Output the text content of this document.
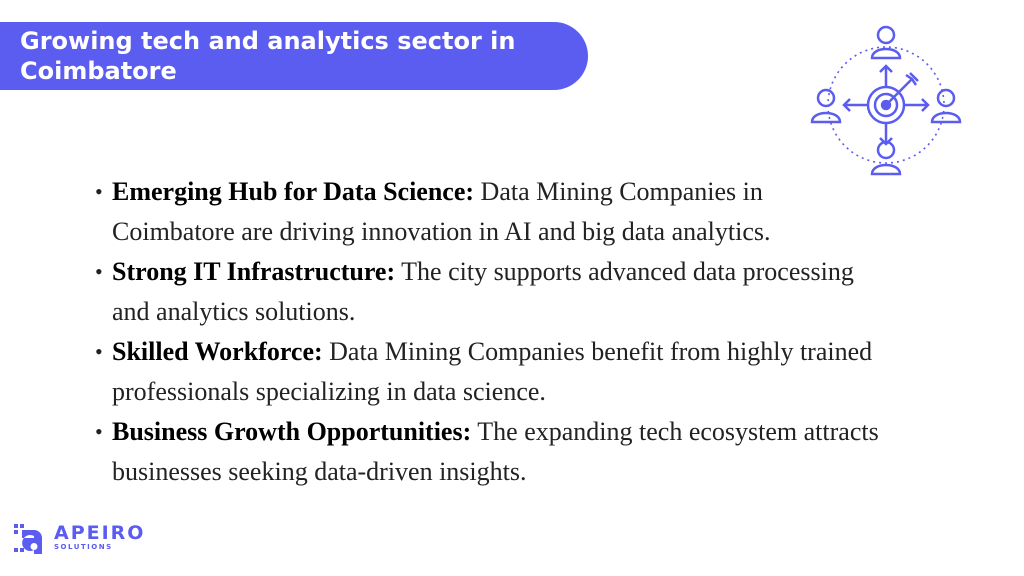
Growing tech and analytics sector in
Coimbatore
• Emerging Hub for Data Science: Data Mining Companies in Coimbatore are driving innovation in AI and big data analytics.
• Strong IT Infrastructure: The city supports advanced data processing and analytics solutions.
• Skilled Workforce: Data Mining Companies benefit from highly trained professionals specializing in data science.
• Business Growth Opportunities: The expanding tech ecosystem attracts businesses seeking data-driven insights.
APEIRO
SOLUTIONS
